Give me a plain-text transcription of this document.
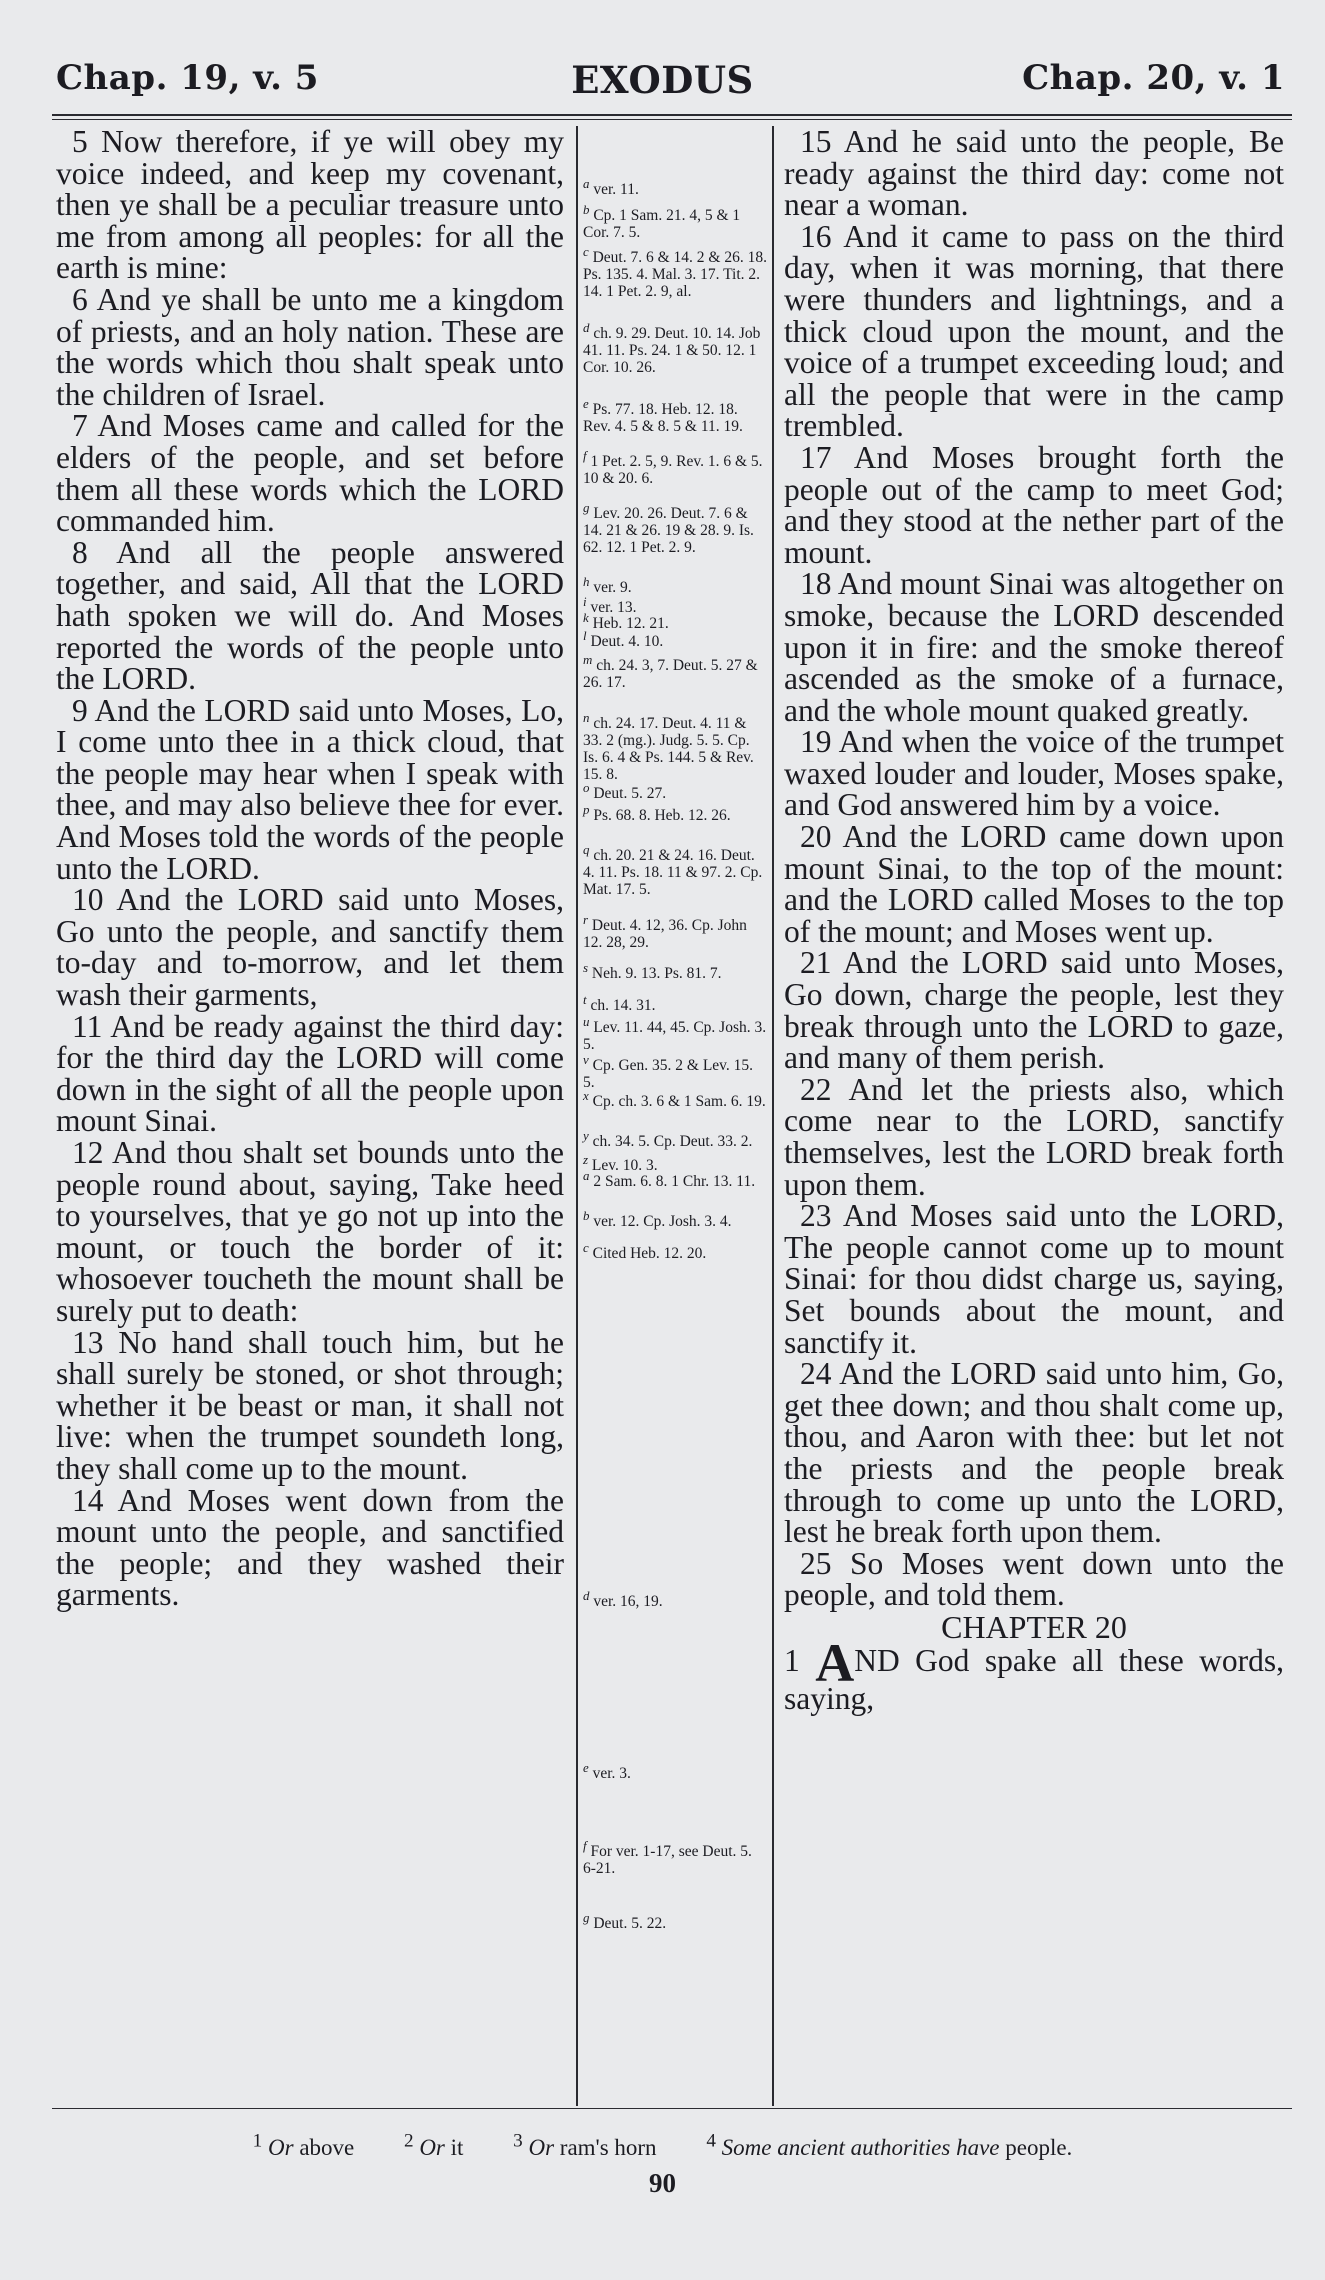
Chap. 19, v. 5	EXODUS	Chap. 20, v. 1

5 Now therefore, if ye will obey my voice indeed, and keep my covenant, then ye shall be a peculiar treasure unto me from among all peoples: for all the earth is mine:

6 And ye shall be unto me a kingdom of priests, and an holy nation. These are the words which thou shalt speak unto the children of Israel.

7 And Moses came and called for the elders of the people, and set before them all these words which the LORD commanded him.

8 And all the people answered together, and said, All that the LORD hath spoken we will do. And Moses reported the words of the people unto the LORD.

9 And the LORD said unto Moses, Lo, I come unto thee in a thick cloud, that the people may hear when I speak with thee, and may also believe thee for ever. And Moses told the words of the people unto the LORD.

10 And the LORD said unto Moses, Go unto the people, and sanctify them to-day and to-morrow, and let them wash their garments,

11 And be ready against the third day: for the third day the LORD will come down in the sight of all the people upon mount Sinai.

12 And thou shalt set bounds unto the people round about, saying, Take heed to yourselves, that ye go not up into the mount, or touch the border of it: whosoever toucheth the mount shall be surely put to death:

13 No hand shall touch him, but he shall surely be stoned, or shot through; whether it be beast or man, it shall not live: when the trumpet soundeth long, they shall come up to the mount.

14 And Moses went down from the mount unto the people, and sanctified the people; and they washed their garments.

$^a$ ver. 11.
$^b$ Cp. 1 Sam. 21. 4, 5 & 1 Cor. 7. 5.
$^c$ Deut. 7. 6 & 14. 2 & 26. 18. Ps. 135. 4. Mal. 3. 17. Tit. 2. 14. 1 Pet. 2. 9, al.
$^d$ ch. 9. 29. Deut. 10. 14. Job 41. 11. Ps. 24. 1 & 50. 12. 1 Cor. 10. 26.
$^e$ Ps. 77. 18. Heb. 12. 18. Rev. 4. 5 & 8. 5 & 11. 19.
$^f$ 1 Pet. 2. 5, 9. Rev. 1. 6 & 5. 10 & 20. 6.
$^g$ Lev. 20. 26. Deut. 7. 6 & 14. 21 & 26. 19 & 28. 9. Is. 62. 12. 1 Pet. 2. 9.
$^h$ ver. 9.
$^i$ ver. 13.
$^k$ Heb. 12. 21.
$^l$ Deut. 4. 10.
$^m$ ch. 24. 3, 7. Deut. 5. 27 & 26. 17.
$^n$ ch. 24. 17. Deut. 4. 11 & 33. 2 (mg.). Judg. 5. 5. Cp. Is. 6. 4 & Ps. 144. 5 & Rev. 15. 8.
$^o$ Deut. 5. 27.
$^p$ Ps. 68. 8. Heb. 12. 26.
$^q$ ch. 20. 21 & 24. 16. Deut. 4. 11. Ps. 18. 11 & 97. 2. Cp. Mat. 17. 5.
$^r$ Deut. 4. 12, 36. Cp. John 12. 28, 29.
$^s$ Neh. 9. 13. Ps. 81. 7.
$^t$ ch. 14. 31.
$^u$ Lev. 11. 44, 45. Cp. Josh. 3. 5.
$^v$ Cp. Gen. 35. 2 & Lev. 15. 5.
$^x$ Cp. ch. 3. 6 & 1 Sam. 6. 19.
$^y$ ch. 34. 5. Cp. Deut. 33. 2.
$^z$ Lev. 10. 3.
$^a$ 2 Sam. 6. 8. 1 Chr. 13. 11.
$^b$ ver. 12. Cp. Josh. 3. 4.
$^c$ Cited Heb. 12. 20.
$^d$ ver. 16, 19.
$^e$ ver. 3.
$^f$ For ver. 1-17, see Deut. 5. 6-21.
$^g$ Deut. 5. 22.

15 And he said unto the people, Be ready against the third day: come not near a woman.

16 And it came to pass on the third day, when it was morning, that there were thunders and lightnings, and a thick cloud upon the mount, and the voice of a trumpet exceeding loud; and all the people that were in the camp trembled.

17 And Moses brought forth the people out of the camp to meet God; and they stood at the nether part of the mount.

18 And mount Sinai was altogether on smoke, because the LORD descended upon it in fire: and the smoke thereof ascended as the smoke of a furnace, and the whole mount quaked greatly.

19 And when the voice of the trumpet waxed louder and louder, Moses spake, and God answered him by a voice.

20 And the LORD came down upon mount Sinai, to the top of the mount: and the LORD called Moses to the top of the mount; and Moses went up.

21 And the LORD said unto Moses, Go down, charge the people, lest they break through unto the LORD to gaze, and many of them perish.

22 And let the priests also, which come near to the LORD, sanctify themselves, lest the LORD break forth upon them.

23 And Moses said unto the LORD, The people cannot come up to mount Sinai: for thou didst charge us, saying, Set bounds about the mount, and sanctify it.

24 And the LORD said unto him, Go, get thee down; and thou shalt come up, thou, and Aaron with thee: but let not the priests and the people break through to come up unto the LORD, lest he break forth upon them.

25 So Moses went down unto the people, and told them.

CHAPTER 20

1 AND God spake all these words, saying,

$^1$ Or above	$^2$ Or it	$^3$ Or ram's horn	$^4$ Some ancient authorities have people.
90
